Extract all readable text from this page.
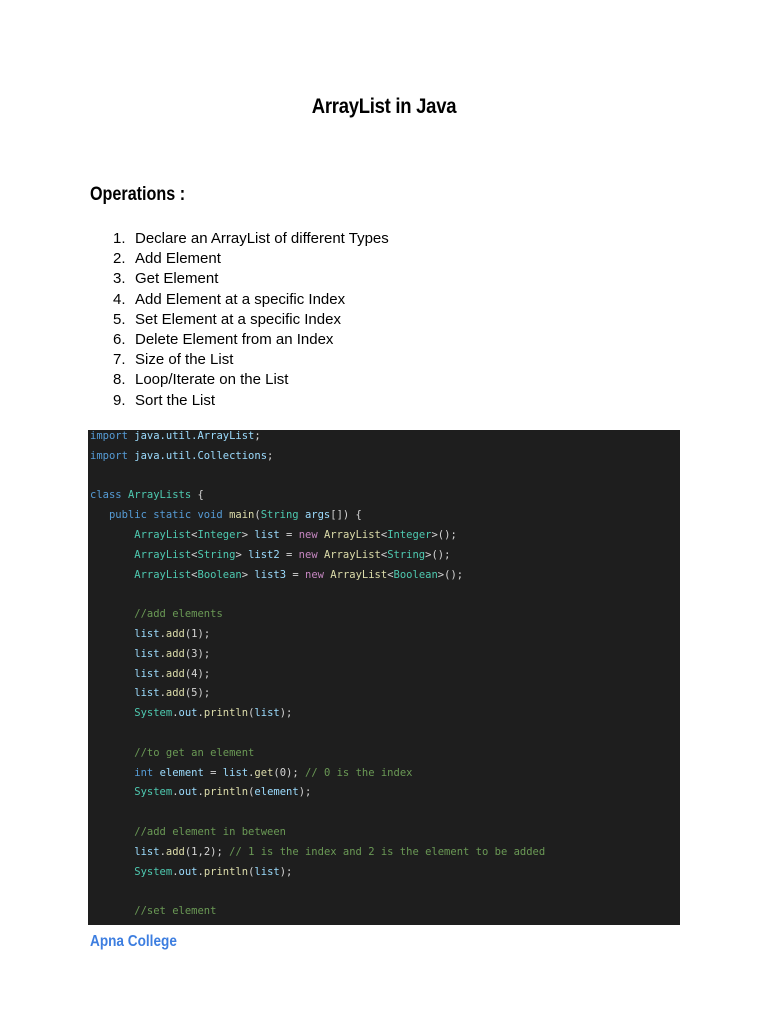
ArrayList in Java
Operations :
1. Declare an ArrayList of different Types
2. Add Element
3. Get Element
4. Add Element at a specific Index
5. Set Element at a specific Index
6. Delete Element from an Index
7. Size of the List
8. Loop/Iterate on the List
9. Sort the List
import java.util.ArrayList;
import java.util.Collections;
class ArrayLists {
public static void main(String args[]) {
ArrayList<Integer> list = new ArrayList<Integer>();
ArrayList<String> list2 = new ArrayList<String>();
ArrayList<Boolean> list3 = new ArrayList<Boolean>();
//add elements
list.add(1);
list.add(3);
list.add(4);
list.add(5);
System.out.println(list);
//to get an element
int element = list.get(0); // 0 is the index
System.out.println(element);
//add element in between
list.add(1,2); // 1 is the index and 2 is the element to be added
System.out.println(list);
//set element
Apna College
